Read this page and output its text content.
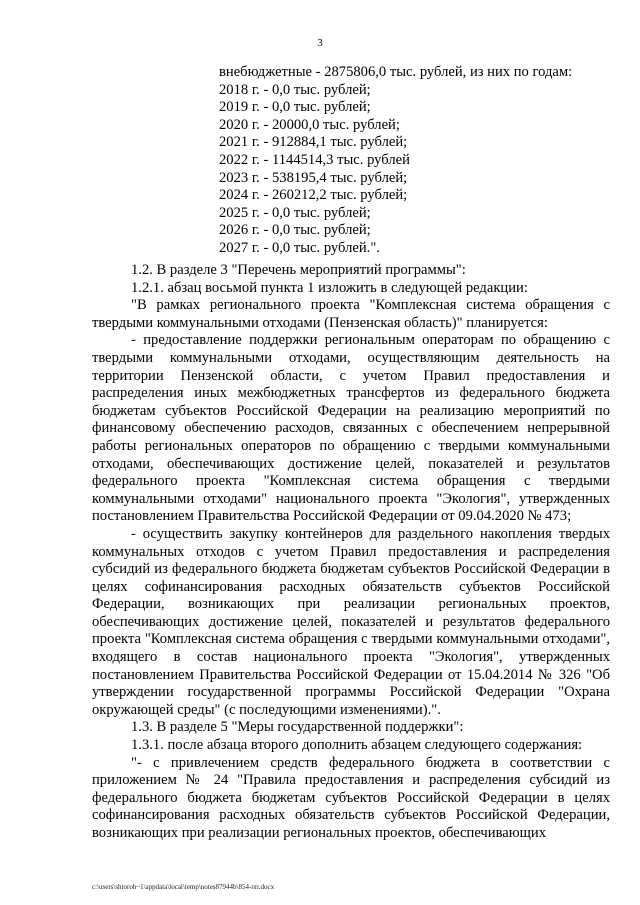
3
внебюджетные - 2875806,0 тыс. рублей, из них по годам:
2018 г. - 0,0 тыс. рублей;
2019 г. - 0,0 тыс. рублей;
2020 г. - 20000,0 тыс. рублей;
2021 г. - 912884,1 тыс. рублей;
2022 г. - 1144514,3 тыс. рублей
2023 г. - 538195,4 тыс. рублей;
2024 г. - 260212,2 тыс. рублей;
2025 г. - 0,0 тыс. рублей;
2026 г. - 0,0 тыс. рублей;
2027 г. - 0,0 тыс. рублей.".

1.2. В разделе 3 "Перечень мероприятий программы":

1.2.1. абзац восьмой пункта 1 изложить в следующей редакции:

"В рамках регионального проекта "Комплексная система обращения с твердыми коммунальными отходами (Пензенская область)" планируется:

- предоставление поддержки региональным операторам по обращению с твердыми коммунальными отходами, осуществляющим деятельность на территории Пензенской области, с учетом Правил предоставления и распределения иных межбюджетных трансфертов из федерального бюджета бюджетам субъектов Российской Федерации на реализацию мероприятий по финансовому обеспечению расходов, связанных с обеспечением непрерывной работы региональных операторов по обращению с твердыми коммунальными отходами, обеспечивающих достижение целей, показателей и результатов федерального проекта "Комплексная система обращения с твердыми коммунальными отходами" национального проекта "Экология", утвержденных постановлением Правительства Российской Федерации от 09.04.2020 № 473;

- осуществить закупку контейнеров для раздельного накопления твердых коммунальных отходов с учетом Правил предоставления и распределения субсидий из федерального бюджета бюджетам субъектов Российской Федерации в целях софинансирования расходных обязательств субъектов Российской Федерации, возникающих при реализации региональных проектов, обеспечивающих достижение целей, показателей и результатов федерального проекта "Комплексная система обращения с твердыми коммунальными отходами", входящего в состав национального проекта "Экология", утвержденных постановлением Правительства Российской Федерации от 15.04.2014 № 326 "Об утверждении государственной программы Российской Федерации "Охрана окружающей среды" (с последующими изменениями).".

1.3. В разделе 5 "Меры государственной поддержки":

1.3.1. после абзаца второго дополнить абзацем следующего содержания:

"- с привлечением средств федерального бюджета в соответствии с приложением № 24 "Правила предоставления и распределения субсидий из федерального бюджета бюджетам субъектов Российской Федерации в целях софинансирования расходных обязательств субъектов Российской Федерации, возникающих при реализации региональных проектов, обеспечивающих

c:\users\shtoroh~1\appdata\local\temp\notes87944b\854-пп.docx
